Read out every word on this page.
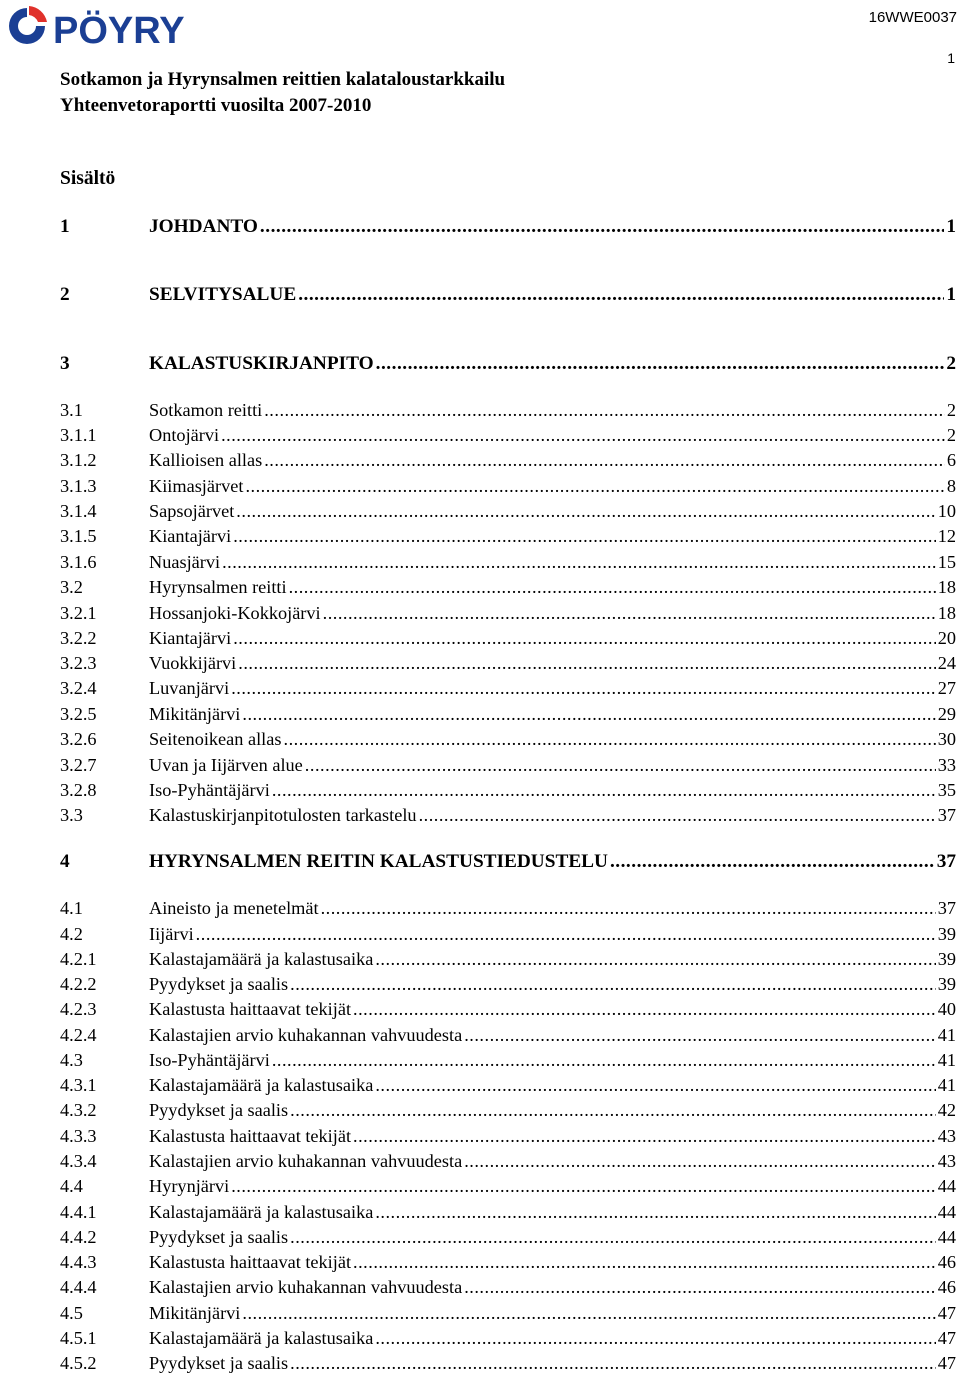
PÖYRY	16WWE0037
1
Sotkamon ja Hyrynsalmen reittien kalataloustarkkailu
Yhteenvetoraportti vuosilta 2007-2010
Sisältö
1	JOHDANTO .....	1
2	SELVITYSALUE .....	1
3	KALASTUSKIRJANPITO .....	2
3.1	Sotkamon reitti .....	2
3.1.1	Ontojärvi .....	2
3.1.2	Kallioisen allas .....	6
3.1.3	Kiimasjärvet .....	8
3.1.4	Sapsojärvet .....	10
3.1.5	Kiantajärvi .....	12
3.1.6	Nuasjärvi .....	15
3.2	Hyrynsalmen reitti .....	18
3.2.1	Hossanjoki-Kokkojärvi .....	18
3.2.2	Kiantajärvi .....	20
3.2.3	Vuokkijärvi .....	24
3.2.4	Luvanjärvi .....	27
3.2.5	Mikitänjärvi .....	29
3.2.6	Seitenoikean allas .....	30
3.2.7	Uvan ja Iijärven alue .....	33
3.2.8	Iso-Pyhäntäjärvi .....	35
3.3	Kalastuskirjanpitotulosten tarkastelu .....	37
4	HYRYNSALMEN REITIN KALASTUSTIEDUSTELU .....	37
4.1	Aineisto ja menetelmät .....	37
4.2	Iijärvi .....	39
4.2.1	Kalastajamäärä ja kalastusaika .....	39
4.2.2	Pyydykset ja saalis .....	39
4.2.3	Kalastusta haittaavat tekijät .....	40
4.2.4	Kalastajien arvio kuhakannan vahvuudesta .....	41
4.3	Iso-Pyhäntäjärvi .....	41
4.3.1	Kalastajamäärä ja kalastusaika .....	41
4.3.2	Pyydykset ja saalis .....	42
4.3.3	Kalastusta haittaavat tekijät .....	43
4.3.4	Kalastajien arvio kuhakannan vahvuudesta .....	43
4.4	Hyrynjärvi .....	44
4.4.1	Kalastajamäärä ja kalastusaika .....	44
4.4.2	Pyydykset ja saalis .....	44
4.4.3	Kalastusta haittaavat tekijät .....	46
4.4.4	Kalastajien arvio kuhakannan vahvuudesta .....	46
4.5	Mikitänjärvi .....	47
4.5.1	Kalastajamäärä ja kalastusaika .....	47
4.5.2	Pyydykset ja saalis .....	47
